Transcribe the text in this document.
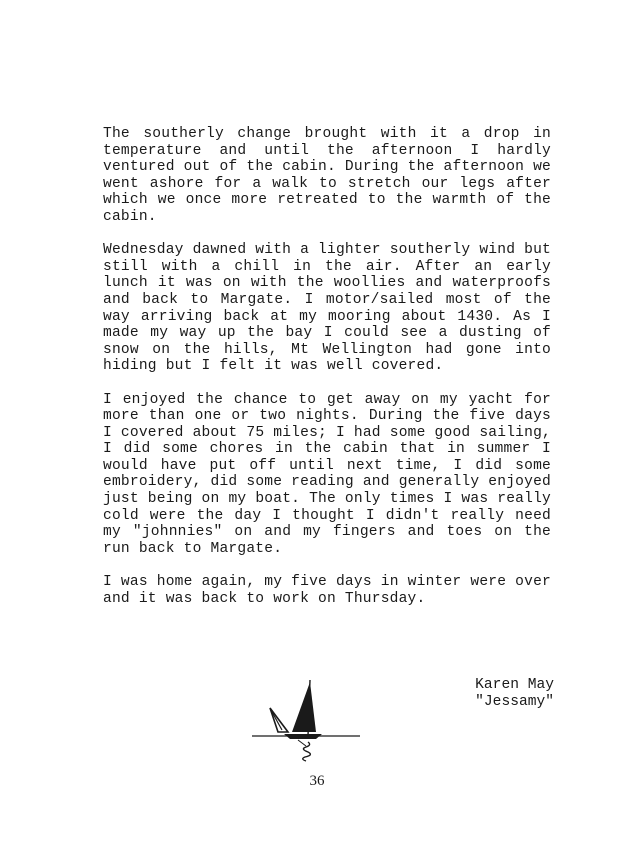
The southerly change brought with it a drop in temperature and until the afternoon I hardly ventured out of the cabin. During the afternoon we went ashore for a walk to stretch our legs after which we once more retreated to the warmth of the cabin.

Wednesday dawned with a lighter southerly wind but still with a chill in the air. After an early lunch it was on with the woollies and waterproofs and back to Margate. I motor/sailed most of the way arriving back at my mooring about 1430. As I made my way up the bay I could see a dusting of snow on the hills, Mt Wellington had gone into hiding but I felt it was well covered.

I enjoyed the chance to get away on my yacht for more than one or two nights. During the five days I covered about 75 miles; I had some good sailing, I did some chores in the cabin that in summer I would have put off until next time, I did some embroidery, did some reading and generally enjoyed just being on my boat. The only times I was really cold were the day I thought I didn't really need my "johnnies" on and my fingers and toes on the run back to Margate.

I was home again, my five days in winter were over and it was back to work on Thursday.

Karen May
"Jessamy"
36
